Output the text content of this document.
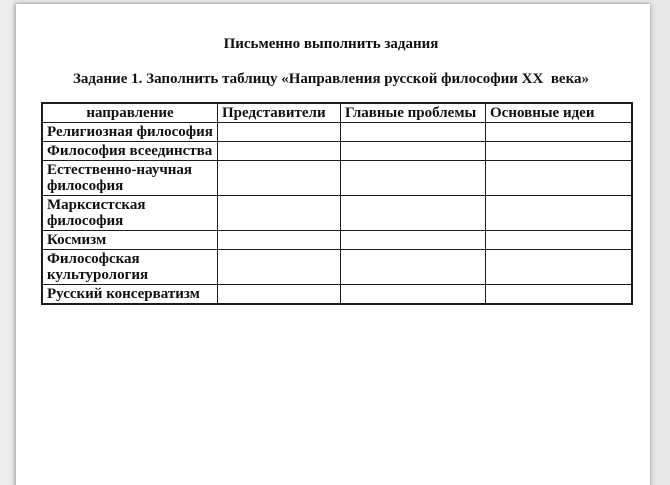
Письменно выполнить задания

Задание 1. Заполнить таблицу «Направления русской философии XX  века»

направление	Представители	Главные проблемы	Основные идеи
Религиозная философия			
Философия всеединства			
Естественно-научная философия			
Марксистская философия			
Космизм			
Философская культурология			
Русский консерватизм			
